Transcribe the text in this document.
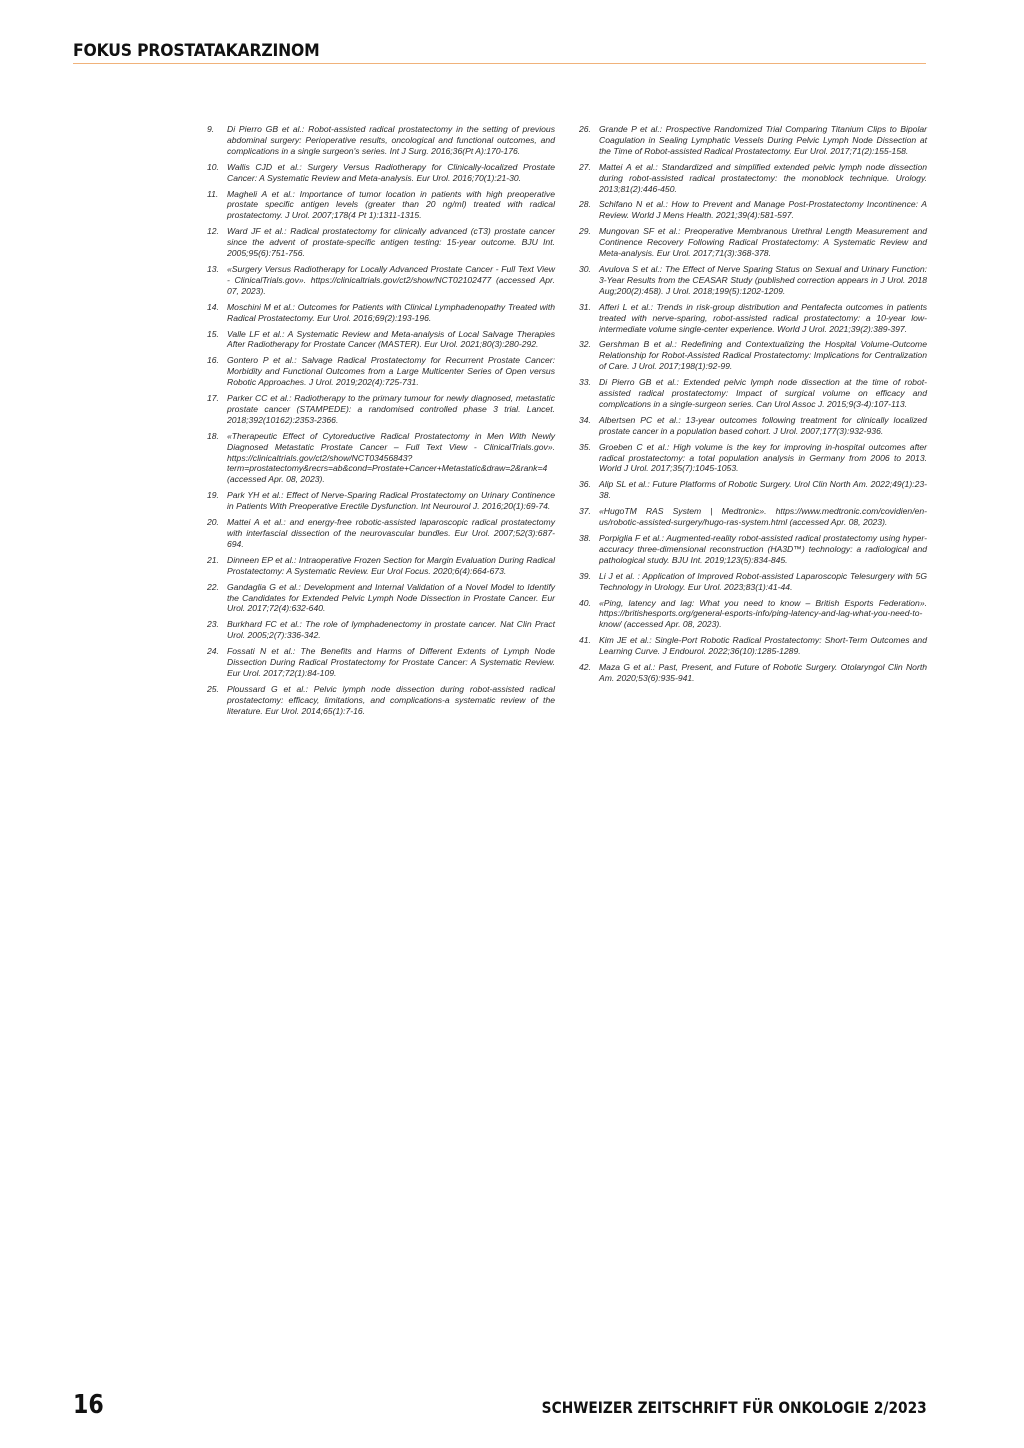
FOKUS PROSTATAKARZINOM
9.	Di Pierro GB et al.: Robot-assisted radical prostatectomy in the setting of previous abdominal surgery: Perioperative results, oncological and functional outcomes, and complications in a single surgeon's series. Int J Surg. 2016;36(Pt A):170-176.
10. Wallis CJD et al.: Surgery Versus Radiotherapy for Clinically-localized Prostate Cancer: A Systematic Review and Meta-analysis. Eur Urol. 2016;70(1):21-30.
11.	Magheli A et al.: Importance of tumor location in patients with high preoperative prostate specific antigen levels (greater than 20 ng/ml) treated with radical prostatectomy. J Urol. 2007;178(4 Pt 1):1311-1315.
12. Ward JF et al.: Radical prostatectomy for clinically advanced (cT3) prostate cancer since the advent of prostate-specific antigen testing: 15-year outcome. BJU Int. 2005;95(6):751-756.
13. «Surgery Versus Radiotherapy for Locally Advanced Prostate Cancer - Full Text View - ClinicalTrials.gov». https://clinicaltrials.gov/ct2/show/NCT02102477 (accessed Apr. 07, 2023).
14. Moschini M et al.: Outcomes for Patients with Clinical Lymphadenopathy Treated with Radical Prostatectomy. Eur Urol. 2016;69(2):193-196.
15. Valle LF et al.: A Systematic Review and Meta-analysis of Local Salvage Therapies After Radiotherapy for Prostate Cancer (MASTER). Eur Urol. 2021;80(3):280-292.
16. Gontero P et al.: Salvage Radical Prostatectomy for Recurrent Prostate Cancer: Morbidity and Functional Outcomes from a Large Multicenter Series of Open versus Robotic Approaches. J Urol. 2019;202(4):725-731.
17. Parker CC et al.: Radiotherapy to the primary tumour for newly diagnosed, metastatic prostate cancer (STAMPEDE): a randomised controlled phase 3 trial. Lancet. 2018;392(10162):2353-2366.
18. «Therapeutic Effect of Cytoreductive Radical Prostatectomy in Men With Newly Diagnosed Metastatic Prostate Cancer – Full Text View - ClinicalTrials.gov». https://clinicaltrials.gov/ct2/show/NCT03456843?term=prostatectomy&recrs=ab&cond=Prostate+Cancer+Metastatic&draw=2&rank=4 (accessed Apr. 08, 2023).
19. Park YH et al.: Effect of Nerve-Sparing Radical Prostatectomy on Urinary Continence in Patients With Preoperative Erectile Dysfunction. Int Neurourol J. 2016;20(1):69-74.
20. Mattei A et al.: and energy-free robotic-assisted laparoscopic radical prostatectomy with interfascial dissection of the neurovascular bundles. Eur Urol. 2007;52(3):687-694.
21. Dinneen EP et al.: Intraoperative Frozen Section for Margin Evaluation During Radical Prostatectomy: A Systematic Review. Eur Urol Focus. 2020;6(4):664-673.
22. Gandaglia G et al.: Development and Internal Validation of a Novel Model to Identify the Candidates for Extended Pelvic Lymph Node Dissection in Prostate Cancer. Eur Urol. 2017;72(4):632-640.
23. Burkhard FC et al.: The role of lymphadenectomy in prostate cancer. Nat Clin Pract Urol. 2005;2(7):336-342.
24. Fossati N et al.: The Benefits and Harms of Different Extents of Lymph Node Dissection During Radical Prostatectomy for Prostate Cancer: A Systematic Review. Eur Urol. 2017;72(1):84-109.
25. Ploussard G et al.: Pelvic lymph node dissection during robot-assisted radical prostatectomy: efficacy, limitations, and complications-a systematic review of the literature. Eur Urol. 2014;65(1):7-16.
26. Grande P et al.: Prospective Randomized Trial Comparing Titanium Clips to Bipolar Coagulation in Sealing Lymphatic Vessels During Pelvic Lymph Node Dissection at the Time of Robot-assisted Radical Prostatectomy. Eur Urol. 2017;71(2):155-158.
27. Mattei A et al.: Standardized and simplified extended pelvic lymph node dissection during robot-assisted radical prostatectomy: the monoblock technique. Urology. 2013;81(2):446-450.
28. Schifano N et al.: How to Prevent and Manage Post-Prostatectomy Incontinence: A Review. World J Mens Health. 2021;39(4):581-597.
29. Mungovan SF et al.: Preoperative Membranous Urethral Length Measurement and Continence Recovery Following Radical Prostatectomy: A Systematic Review and Meta-analysis. Eur Urol. 2017;71(3):368-378.
30. Avulova S et al.: The Effect of Nerve Sparing Status on Sexual and Urinary Function: 3-Year Results from the CEASAR Study (published correction appears in J Urol. 2018 Aug;200(2):458). J Urol. 2018;199(5):1202-1209.
31. Afferi L et al.: Trends in risk-group distribution and Pentafecta outcomes in patients treated with nerve-sparing, robot-assisted radical prostatectomy: a 10-year low-intermediate volume single-center experience. World J Urol. 2021;39(2):389-397.
32. Gershman B et al.: Redefining and Contextualizing the Hospital Volume-Outcome Relationship for Robot-Assisted Radical Prostatectomy: Implications for Centralization of Care. J Urol. 2017;198(1):92-99.
33. Di Pierro GB et al.: Extended pelvic lymph node dissection at the time of robot-assisted radical prostatectomy: Impact of surgical volume on efficacy and complications in a single-surgeon series. Can Urol Assoc J. 2015;9(3-4):107-113.
34. Albertsen PC et al.: 13-year outcomes following treatment for clinically localized prostate cancer in a population based cohort. J Urol. 2007;177(3):932-936.
35. Groeben C et al.: High volume is the key for improving in-hospital outcomes after radical prostatectomy: a total population analysis in Germany from 2006 to 2013. World J Urol. 2017;35(7):1045-1053.
36. Alip SL et al.: Future Platforms of Robotic Surgery. Urol Clin North Am. 2022;49(1):23-38.
37. «HugoTM RAS System | Medtronic». https://www.medtronic.com/covidien/en-us/robotic-assisted-surgery/hugo-ras-system.html (accessed Apr. 08, 2023).
38. Porpiglia F et al.: Augmented-reality robot-assisted radical prostatectomy using hyper-accuracy three-dimensional reconstruction (HA3D™) technology: a radiological and pathological study. BJU Int. 2019;123(5):834-845.
39. Li J et al. : Application of Improved Robot-assisted Laparoscopic Telesurgery with 5G Technology in Urology. Eur Urol. 2023;83(1):41-44.
40. «Ping, latency and lag: What you need to know – British Esports Federation». https://britishesports.org/general-esports-info/ping-latency-and-lag-what-you-need-to-know/ (accessed Apr. 08, 2023).
41. Kim JE et al.: Single-Port Robotic Radical Prostatectomy: Short-Term Outcomes and Learning Curve. J Endourol. 2022;36(10):1285-1289.
42. Maza G et al.: Past, Present, and Future of Robotic Surgery. Otolaryngol Clin North Am. 2020;53(6):935-941.
16	SCHWEIZER ZEITSCHRIFT FÜR ONKOLOGIE 2/2023
